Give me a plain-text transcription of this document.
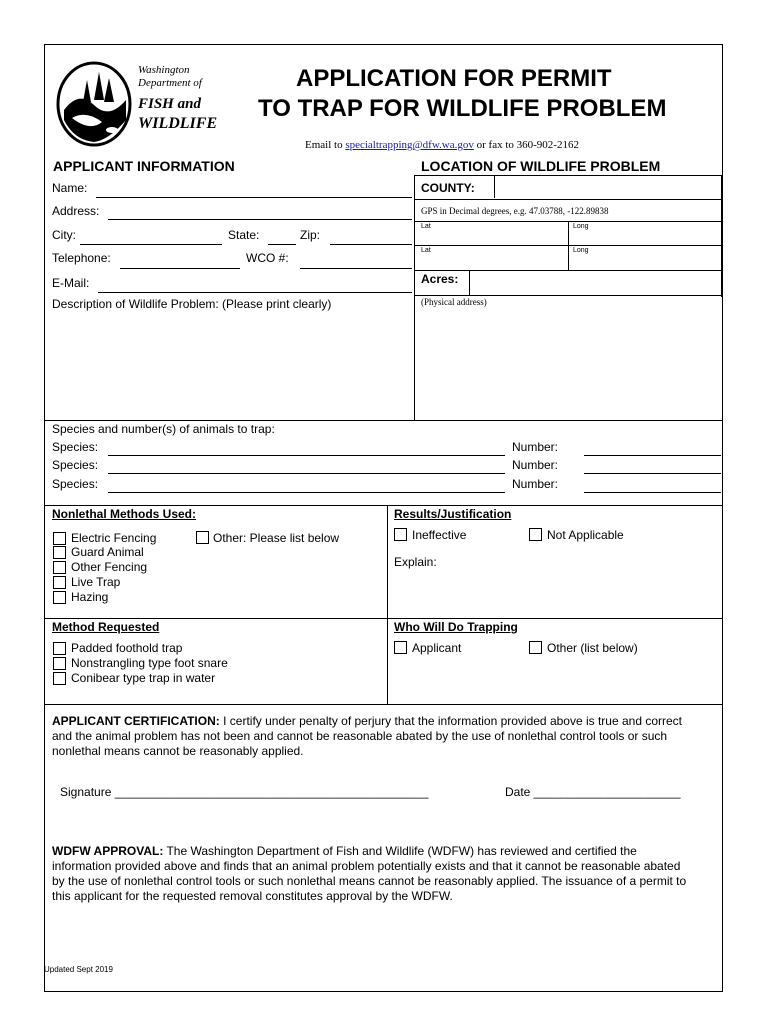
Washington
Department of
FISH and
WILDLIFE
APPLICATION FOR PERMIT
TO TRAP FOR WILDLIFE PROBLEM
Email to specialtrapping@dfw.wa.gov or fax to 360-902-2162
APPLICANT INFORMATION	LOCATION OF WILDLIFE PROBLEM
Name:
Address:
City:	State:	Zip:
Telephone:	WCO #:
E-Mail:
Description of Wildlife Problem: (Please print clearly)
COUNTY:
GPS in Decimal degrees, e.g. 47.03788, -122.89838
Lat	Long
Lat	Long
Acres:
(Physical address)
Species and number(s) of animals to trap:
Species:	Number:
Species:	Number:
Species:	Number:
Nonlethal Methods Used:
Electric Fencing	Other: Please list below
Guard Animal
Other Fencing
Live Trap
Hazing
Results/Justification
Ineffective	Not Applicable
Explain:
Method Requested
Padded foothold trap
Nonstrangling type foot snare
Conibear type trap in water
Who Will Do Trapping
Applicant	Other (list below)
APPLICANT CERTIFICATION: I certify under penalty of perjury that the information provided above is true and correct and the animal problem has not been and cannot be reasonable abated by the use of nonlethal control tools or such nonlethal means cannot be reasonably applied.
Signature _______________________________________________	Date ______________________
WDFW APPROVAL: The Washington Department of Fish and Wildlife (WDFW) has reviewed and certified the information provided above and finds that an animal problem potentially exists and that it cannot be reasonable abated by the use of nonlethal control tools or such nonlethal means cannot be reasonably applied. The issuance of a permit to this applicant for the requested removal constitutes approval by the WDFW.
Updated Sept 2019
